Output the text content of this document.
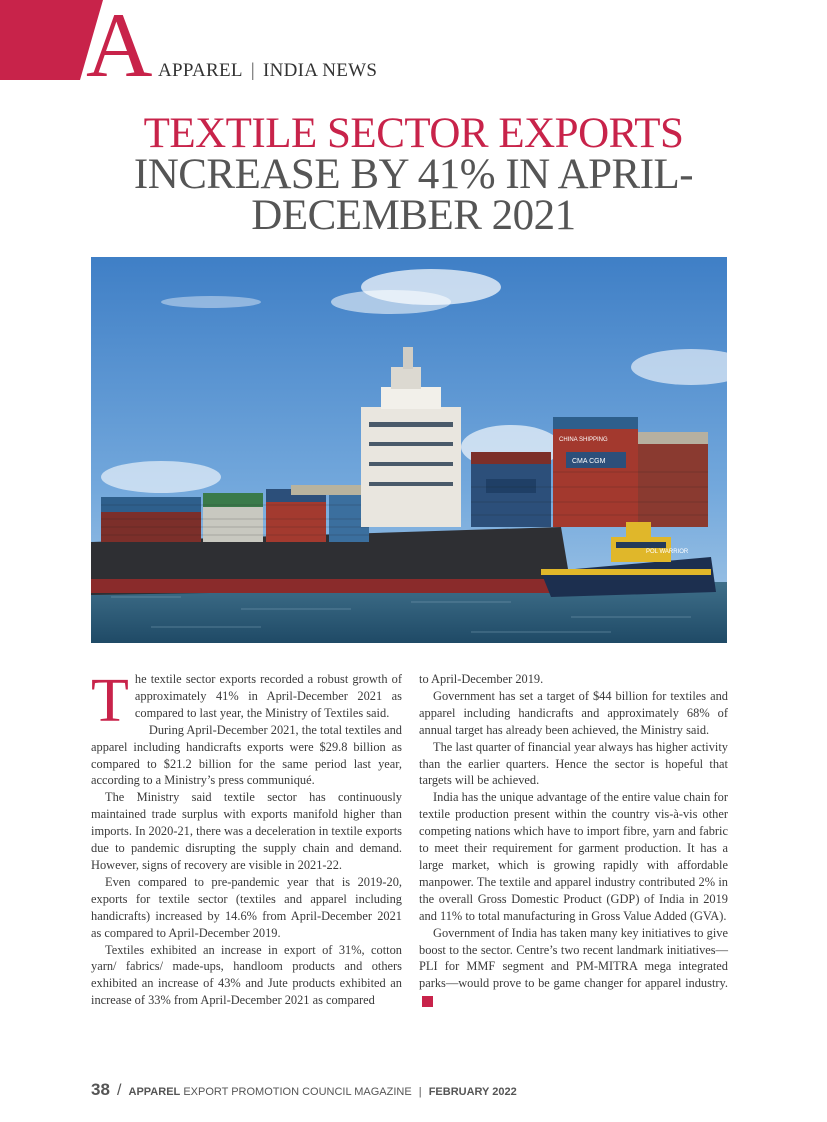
A APPAREL | INDIA NEWS
TEXTILE SECTOR EXPORTS
INCREASE BY 41% IN APRIL-
DECEMBER 2021
CMA CGM
CHINA SHIPPING
POL WARRIOR

The textile sector exports recorded a robust growth of approximately 41% in April-December 2021 as compared to last year, the Ministry of Textiles said.

During April-December 2021, the total textiles and apparel including handicrafts exports were $29.8 billion as compared to $21.2 billion for the same period last year, according to a Ministry’s press communiqué.

The Ministry said textile sector has continuously maintained trade surplus with exports manifold higher than imports. In 2020-21, there was a deceleration in textile exports due to pandemic disrupting the supply chain and demand. However, signs of recovery are visible in 2021-22.

Even compared to pre-pandemic year that is 2019-20, exports for textile sector (textiles and apparel including handicrafts) increased by 14.6% from April-December 2021 as compared to April-December 2019.

Textiles exhibited an increase in export of 31%, cotton yarn/ fabrics/ made-ups, handloom products and others exhibited an increase of 43% and Jute products exhibited an increase of 33% from April-December 2021 as compared

to April-December 2019.

Government has set a target of $44 billion for textiles and apparel including handicrafts and approximately 68% of annual target has already been achieved, the Ministry said.

The last quarter of financial year always has higher activity than the earlier quarters. Hence the sector is hopeful that targets will be achieved.

India has the unique advantage of the entire value chain for textile production present within the country vis-à-vis other competing nations which have to import fibre, yarn and fabric to meet their requirement for garment production. It has a large market, which is growing rapidly with affordable manpower. The textile and apparel industry contributed 2% in the overall Gross Domestic Product (GDP) of India in 2019 and 11% to total manufacturing in Gross Value Added (GVA).

Government of India has taken many key initiatives to give boost to the sector. Centre’s two recent landmark initiatives— PLI for MMF segment and PM-MITRA mega integrated parks—would prove to be game changer for apparel industry.A

38 / APPAREL EXPORT PROMOTION COUNCIL MAGAZINE | FEBRUARY 2022
